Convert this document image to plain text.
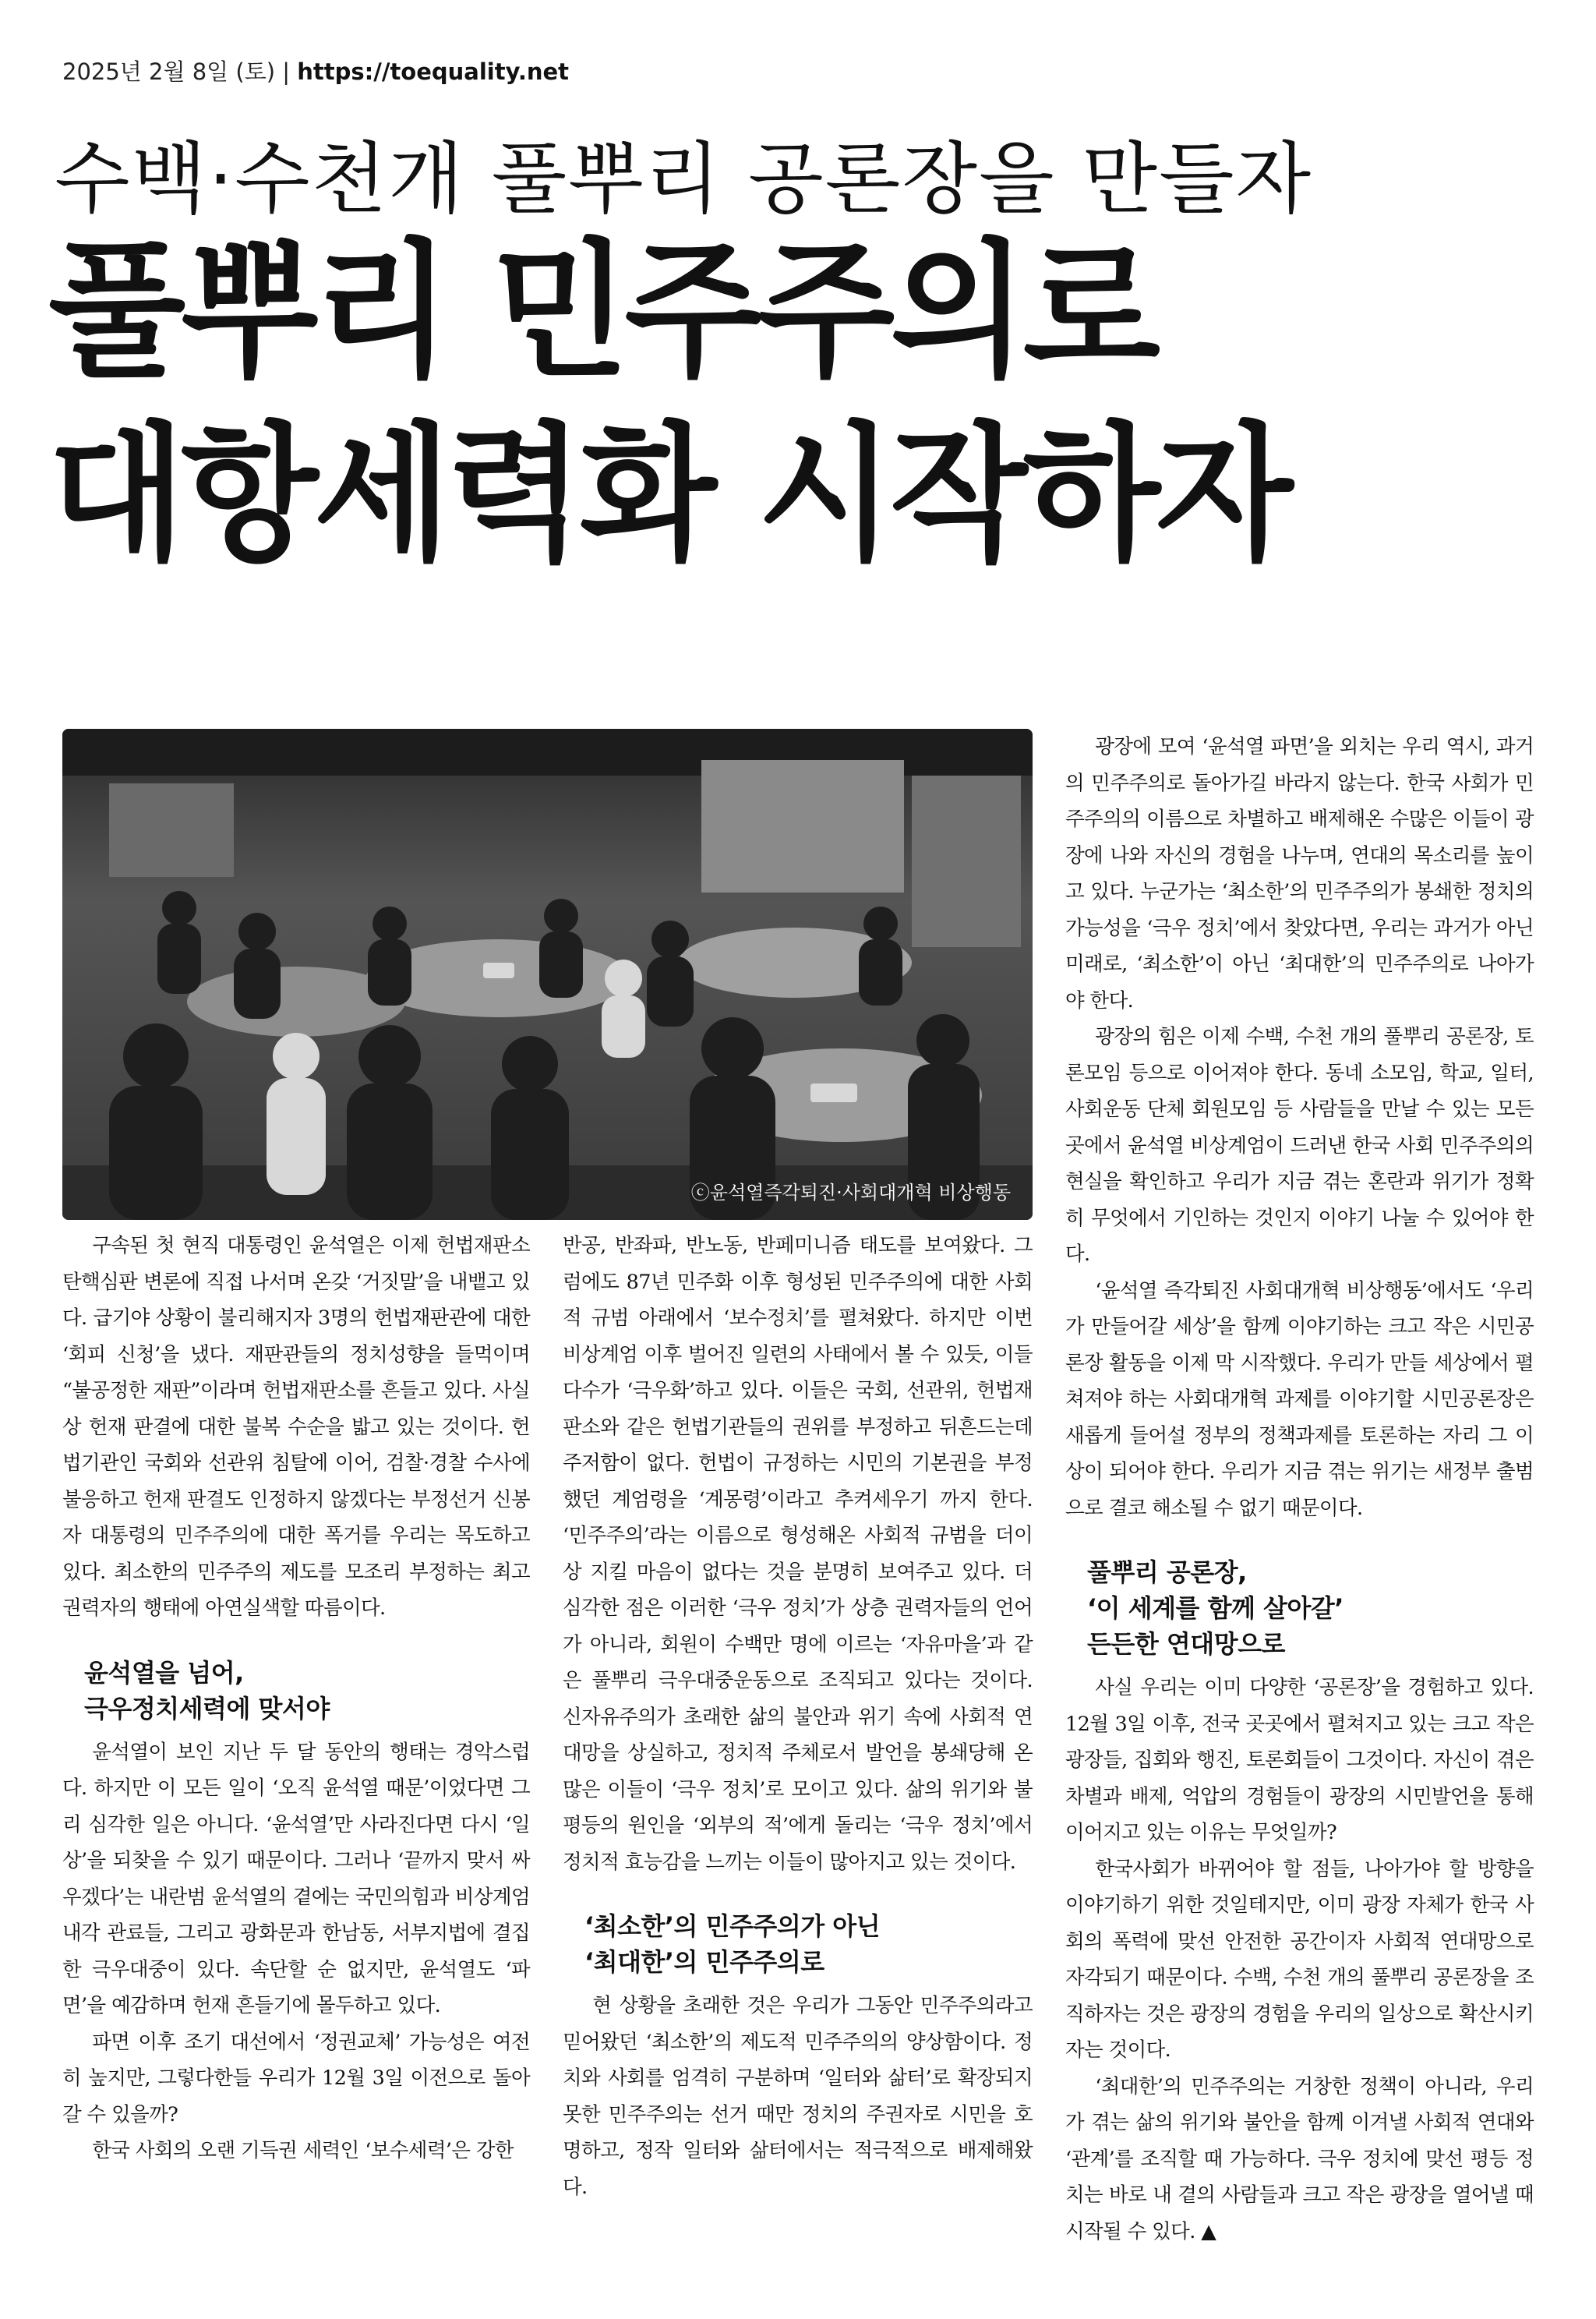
2025년 2월 8일 (토) | https://toequality.net
수백·수천개 풀뿌리 공론장을 만들자
풀뿌리 민주주의로
대항세력화 시작하자
ⓒ윤석열즉각퇴진·사회대개혁 비상행동

구속된 첫 현직 대통령인 윤석열은 이제 헌법재판소 탄핵심판 변론에 직접 나서며 온갖 ‘거짓말’을 내뱉고 있다. 급기야 상황이 불리해지자 3명의 헌법재판관에 대한 ‘회피 신청’을 냈다. 재판관들의 정치성향을 들먹이며 “불공정한 재판”이라며 헌법재판소를 흔들고 있다. 사실상 헌재 판결에 대한 불복 수순을 밟고 있는 것이다. 헌법기관인 국회와 선관위 침탈에 이어, 검찰·경찰 수사에 불응하고 헌재 판결도 인정하지 않겠다는 부정선거 신봉자 대통령의 민주주의에 대한 폭거를 우리는 목도하고 있다. 최소한의 민주주의 제도를 모조리 부정하는 최고권력자의 행태에 아연실색할 따름이다.

윤석열을 넘어,
극우정치세력에 맞서야

윤석열이 보인 지난 두 달 동안의 행태는 경악스럽다. 하지만 이 모든 일이 ‘오직 윤석열 때문’이었다면 그리 심각한 일은 아니다. ‘윤석열’만 사라진다면 다시 ‘일상’을 되찾을 수 있기 때문이다. 그러나 ‘끝까지 맞서 싸우겠다’는 내란범 윤석열의 곁에는 국민의힘과 비상계엄 내각 관료들, 그리고 광화문과 한남동, 서부지법에 결집한 극우대중이 있다. 속단할 순 없지만, 윤석열도 ‘파면’을 예감하며 헌재 흔들기에 몰두하고 있다.

파면 이후 조기 대선에서 ‘정권교체’ 가능성은 여전히 높지만, 그렇다한들 우리가 12월 3일 이전으로 돌아갈 수 있을까?

한국 사회의 오랜 기득권 세력인 ‘보수세력’은 강한

반공, 반좌파, 반노동, 반페미니즘 태도를 보여왔다. 그럼에도 87년 민주화 이후 형성된 민주주의에 대한 사회적 규범 아래에서 ‘보수정치’를 펼쳐왔다. 하지만 이번 비상계엄 이후 벌어진 일련의 사태에서 볼 수 있듯, 이들 다수가 ‘극우화’하고 있다. 이들은 국회, 선관위, 헌법재판소와 같은 헌법기관들의 권위를 부정하고 뒤흔드는데 주저함이 없다. 헌법이 규정하는 시민의 기본권을 부정했던 계엄령을 ‘계몽령’이라고 추켜세우기 까지 한다. ‘민주주의’라는 이름으로 형성해온 사회적 규범을 더이상 지킬 마음이 없다는 것을 분명히 보여주고 있다. 더 심각한 점은 이러한 ‘극우 정치’가 상층 권력자들의 언어가 아니라, 회원이 수백만 명에 이르는 ‘자유마을’과 같은 풀뿌리 극우대중운동으로 조직되고 있다는 것이다. 신자유주의가 초래한 삶의 불안과 위기 속에 사회적 연대망을 상실하고, 정치적 주체로서 발언을 봉쇄당해 온 많은 이들이 ‘극우 정치’로 모이고 있다. 삶의 위기와 불평등의 원인을 ‘외부의 적’에게 돌리는 ‘극우 정치’에서 정치적 효능감을 느끼는 이들이 많아지고 있는 것이다.

‘최소한’의 민주주의가 아닌
‘최대한’의 민주주의로

현 상황을 초래한 것은 우리가 그동안 민주주의라고 믿어왔던 ‘최소한’의 제도적 민주주의의 양상함이다. 정치와 사회를 엄격히 구분하며 ‘일터와 삶터’로 확장되지 못한 민주주의는 선거 때만 정치의 주권자로 시민을 호명하고, 정작 일터와 삶터에서는 적극적으로 배제해왔다.

광장에 모여 ‘윤석열 파면’을 외치는 우리 역시, 과거의 민주주의로 돌아가길 바라지 않는다. 한국 사회가 민주주의의 이름으로 차별하고 배제해온 수많은 이들이 광장에 나와 자신의 경험을 나누며, 연대의 목소리를 높이고 있다. 누군가는 ‘최소한’의 민주주의가 봉쇄한 정치의 가능성을 ‘극우 정치’에서 찾았다면, 우리는 과거가 아닌 미래로, ‘최소한’이 아닌 ‘최대한’의 민주주의로 나아가야 한다.

광장의 힘은 이제 수백, 수천 개의 풀뿌리 공론장, 토론모임 등으로 이어져야 한다. 동네 소모임, 학교, 일터, 사회운동 단체 회원모임 등 사람들을 만날 수 있는 모든 곳에서 윤석열 비상계엄이 드러낸 한국 사회 민주주의의 현실을 확인하고 우리가 지금 겪는 혼란과 위기가 정확히 무엇에서 기인하는 것인지 이야기 나눌 수 있어야 한다.

‘윤석열 즉각퇴진 사회대개혁 비상행동’에서도 ‘우리가 만들어갈 세상’을 함께 이야기하는 크고 작은 시민공론장 활동을 이제 막 시작했다. 우리가 만들 세상에서 펼쳐져야 하는 사회대개혁 과제를 이야기할 시민공론장은 새롭게 들어설 정부의 정책과제를 토론하는 자리 그 이상이 되어야 한다. 우리가 지금 겪는 위기는 새정부 출범으로 결코 해소될 수 없기 때문이다.

풀뿌리 공론장,
‘이 세계를 함께 살아갈’
든든한 연대망으로

사실 우리는 이미 다양한 ‘공론장’을 경험하고 있다. 12월 3일 이후, 전국 곳곳에서 펼쳐지고 있는 크고 작은 광장들, 집회와 행진, 토론회들이 그것이다. 자신이 겪은 차별과 배제, 억압의 경험들이 광장의 시민발언을 통해 이어지고 있는 이유는 무엇일까?

한국사회가 바뀌어야 할 점들, 나아가야 할 방향을 이야기하기 위한 것일테지만, 이미 광장 자체가 한국 사회의 폭력에 맞선 안전한 공간이자 사회적 연대망으로 자각되기 때문이다. 수백, 수천 개의 풀뿌리 공론장을 조직하자는 것은 광장의 경험을 우리의 일상으로 확산시키자는 것이다.

‘최대한’의 민주주의는 거창한 정책이 아니라, 우리가 겪는 삶의 위기와 불안을 함께 이겨낼 사회적 연대와 ‘관계’를 조직할 때 가능하다. 극우 정치에 맞선 평등 정치는 바로 내 곁의 사람들과 크고 작은 광장을 열어낼 때 시작될 수 있다. ▲
